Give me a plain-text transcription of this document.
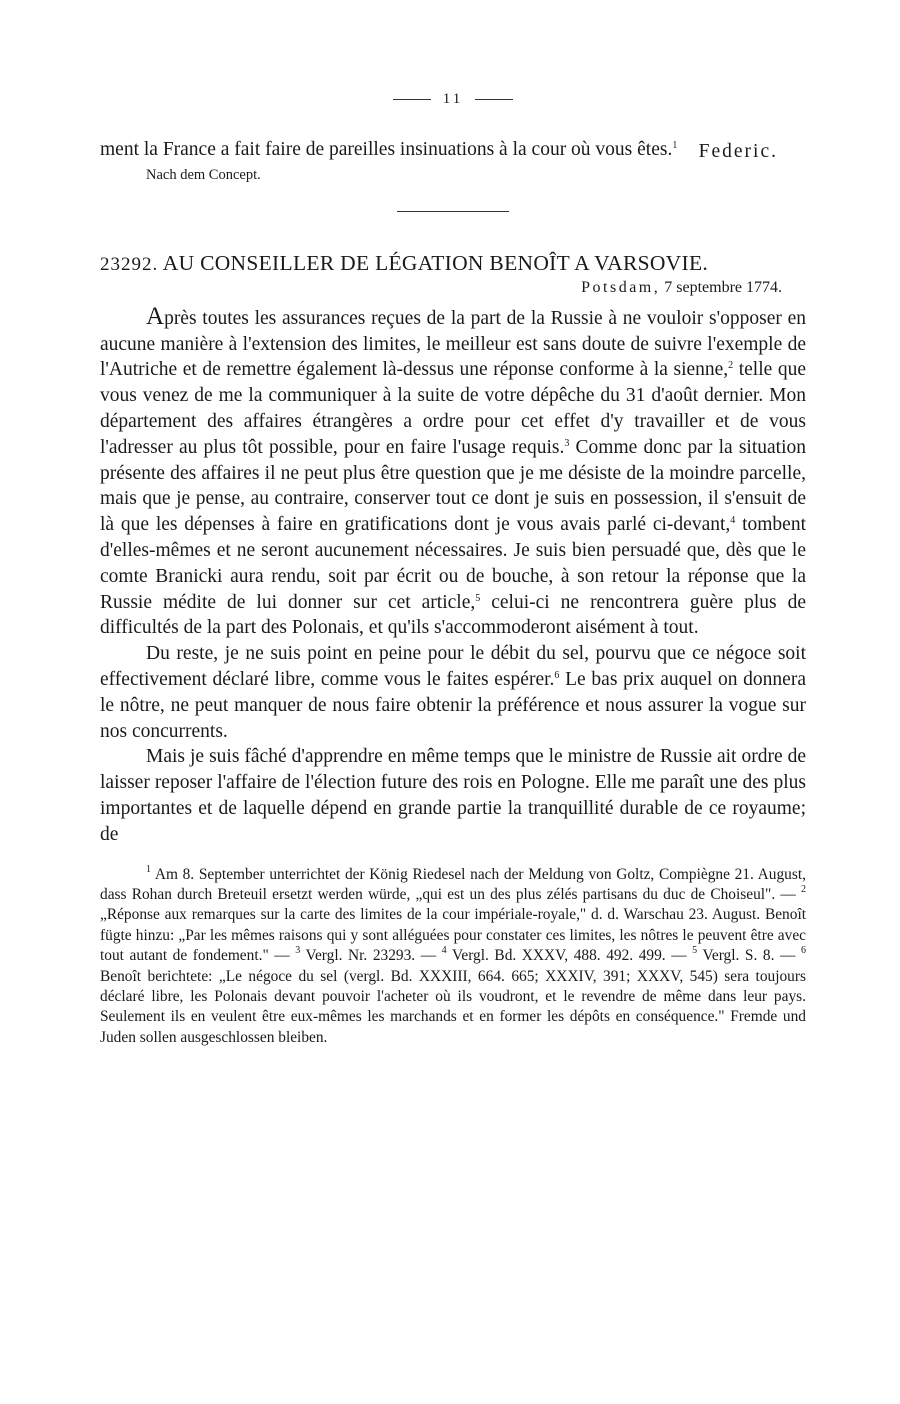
11

ment la France a fait faire de pareilles insinuations à la cour où vous êtes.$^1$

Nach dem Concept.
Federic.
23292. AU CONSEILLER DE LÉGATION BENOÎT A VARSOVIE.
Potsdam, 7 septembre 1774.

Après toutes les assurances reçues de la part de la Russie à ne vouloir s'opposer en aucune manière à l'extension des limites, le meilleur est sans doute de suivre l'exemple de l'Autriche et de remettre également là-dessus une réponse conforme à la sienne,$^2$ telle que vous venez de me la communiquer à la suite de votre dépêche du 31 d'août dernier. Mon département des affaires étrangères a ordre pour cet effet d'y travailler et de vous l'adresser au plus tôt possible, pour en faire l'usage requis.$^3$ Comme donc par la situation présente des affaires il ne peut plus être question que je me désiste de la moindre parcelle, mais que je pense, au contraire, conserver tout ce dont je suis en possession, il s'ensuit de là que les dépenses à faire en gratifications dont je vous avais parlé ci-devant,$^4$ tombent d'elles-mêmes et ne seront aucunement nécessaires. Je suis bien persuadé que, dès que le comte Branicki aura rendu, soit par écrit ou de bouche, à son retour la réponse que la Russie médite de lui donner sur cet article,$^5$ celui-ci ne rencontrera guère plus de difficultés de la part des Polonais, et qu'ils s'accommoderont aisément à tout.

Du reste, je ne suis point en peine pour le débit du sel, pourvu que ce négoce soit effectivement déclaré libre, comme vous le faites espérer.$^6$ Le bas prix auquel on donnera le nôtre, ne peut manquer de nous faire obtenir la préférence et nous assurer la vogue sur nos concurrents.

Mais je suis fâché d'apprendre en même temps que le ministre de Russie ait ordre de laisser reposer l'affaire de l'élection future des rois en Pologne. Elle me paraît une des plus importantes et de laquelle dépend en grande partie la tranquillité durable de ce royaume; de

$^1$ Am 8. September unterrichtet der König Riedesel nach der Meldung von Goltz, Compiègne 21. August, dass Rohan durch Breteuil ersetzt werden würde, „qui est un des plus zélés partisans du duc de Choiseul". — $^2$ „Réponse aux remarques sur la carte des limites de la cour impériale-royale," d. d. Warschau 23. August. Benoît fügte hinzu: „Par les mêmes raisons qui y sont alléguées pour constater ces limites, les nôtres le peuvent être avec tout autant de fondement." — $^3$ Vergl. Nr. 23293. — $^4$ Vergl. Bd. XXXV, 488. 492. 499. — $^5$ Vergl. S. 8. — $^6$ Benoît berichtete: „Le négoce du sel (vergl. Bd. XXXIII, 664. 665; XXXIV, 391; XXXV, 545) sera toujours déclaré libre, les Polonais devant pouvoir l'acheter où ils voudront, et le revendre de même dans leur pays. Seulement ils en veulent être eux-mêmes les marchands et en former les dépôts en conséquence." Fremde und Juden sollen ausgeschlossen bleiben.
